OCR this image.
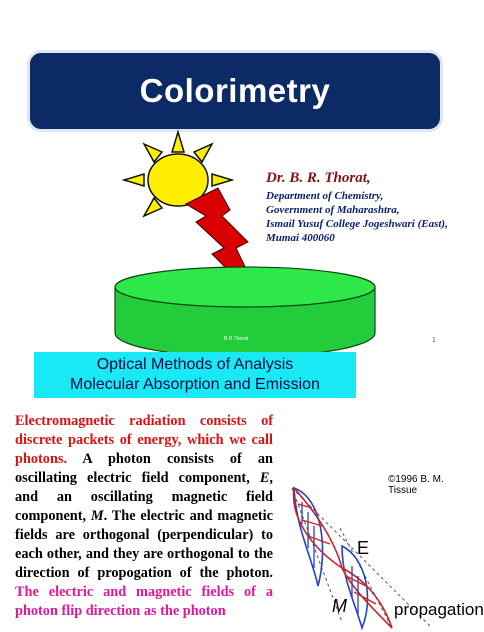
Colorimetry
B R Thorat	1
Dr. B. R. Thorat,
Department of Chemistry,
Government of Maharashtra,
Ismail Yusuf College Jogeshwari (East),
Mumai 400060
Optical Methods of Analysis
Molecular Absorption and Emission
Electromagnetic radiation consists of discrete packets of energy, which we call photons. A photon consists of an oscillating electric field component, E, and an oscillating magnetic field component, M. The electric and magnetic fields are orthogonal (perpendicular) to each other, and they are orthogonal to the direction of propogation of the photon. The electric and magnetic fields of a photon flip direction as the photon
©1996 B. M. Tissue
E
M	propagation
